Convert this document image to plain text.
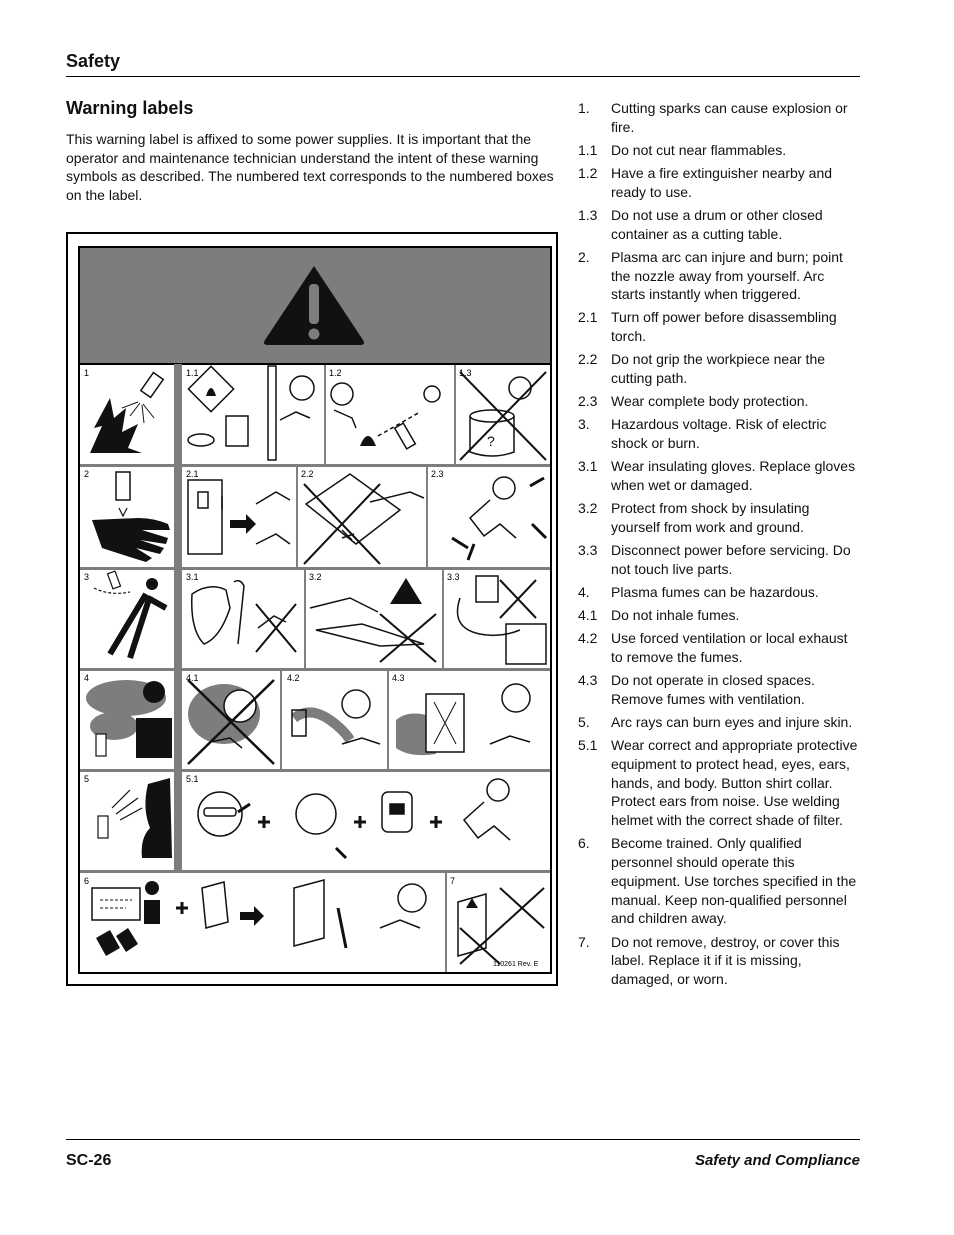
Safety
Warning labels
This warning label is affixed to some power supplies. It is important that the operator and maintenance technician understand the intent of these warning symbols as described. The numbered text corresponds to the numbered boxes on the label.
1	1.1	1.2	1.3
2	2.1	2.2	2.3
3	3.1	3.2	3.3
4	4.1	4.2	4.3
5	5.1
6	7
110261 Rev. E
?
1. Cutting sparks can cause explosion or fire.
1.1 Do not cut near flammables.
1.2 Have a fire extinguisher nearby and ready to use.
1.3 Do not use a drum or other closed container as a cutting table.
2. Plasma arc can injure and burn; point the nozzle away from yourself. Arc starts instantly when triggered.
2.1 Turn off power before disassembling torch.
2.2 Do not grip the workpiece near the cutting path.
2.3 Wear complete body protection.
3. Hazardous voltage. Risk of electric shock or burn.
3.1 Wear insulating gloves. Replace gloves when wet or damaged.
3.2 Protect from shock by insulating yourself from work and ground.
3.3 Disconnect power before servicing. Do not touch live parts.
4. Plasma fumes can be hazardous.
4.1 Do not inhale fumes.
4.2 Use forced ventilation or local exhaust to remove the fumes.
4.3 Do not operate in closed spaces. Remove fumes with ventilation.
5. Arc rays can burn eyes and injure skin.
5.1 Wear correct and appropriate protective equipment to protect head, eyes, ears, hands, and body. Button shirt collar. Protect ears from noise. Use welding helmet with the correct shade of filter.
6. Become trained. Only qualified personnel should operate this equipment. Use torches specified in the manual. Keep non-qualified personnel and children away.
7. Do not remove, destroy, or cover this label. Replace it if it is missing, damaged, or worn.
SC-26	Safety and Compliance
